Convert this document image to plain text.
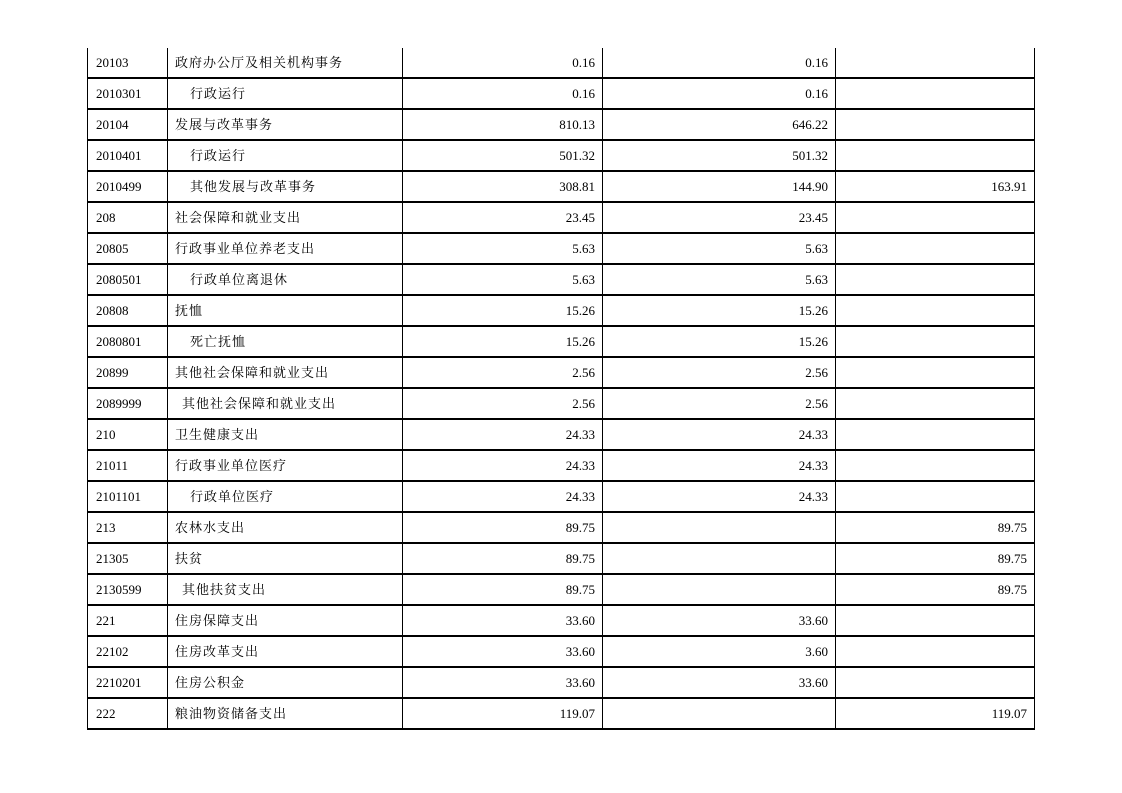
20103	政府办公厅及相关机构事务	0.16	0.16	
2010301	行政运行	0.16	0.16	
20104	发展与改革事务	810.13	646.22	
2010401	行政运行	501.32	501.32	
2010499	其他发展与改革事务	308.81	144.90	163.91
208	社会保障和就业支出	23.45	23.45	
20805	行政事业单位养老支出	5.63	5.63	
2080501	行政单位离退休	5.63	5.63	
20808	抚恤	15.26	15.26	
2080801	死亡抚恤	15.26	15.26	
20899	其他社会保障和就业支出	2.56	2.56	
2089999	其他社会保障和就业支出	2.56	2.56	
210	卫生健康支出	24.33	24.33	
21011	行政事业单位医疗	24.33	24.33	
2101101	行政单位医疗	24.33	24.33	
213	农林水支出	89.75		89.75
21305	扶贫	89.75		89.75
2130599	其他扶贫支出	89.75		89.75
221	住房保障支出	33.60	33.60	
22102	住房改革支出	33.60	3.60	
2210201	住房公积金	33.60	33.60	
222	粮油物资储备支出	119.07		119.07
